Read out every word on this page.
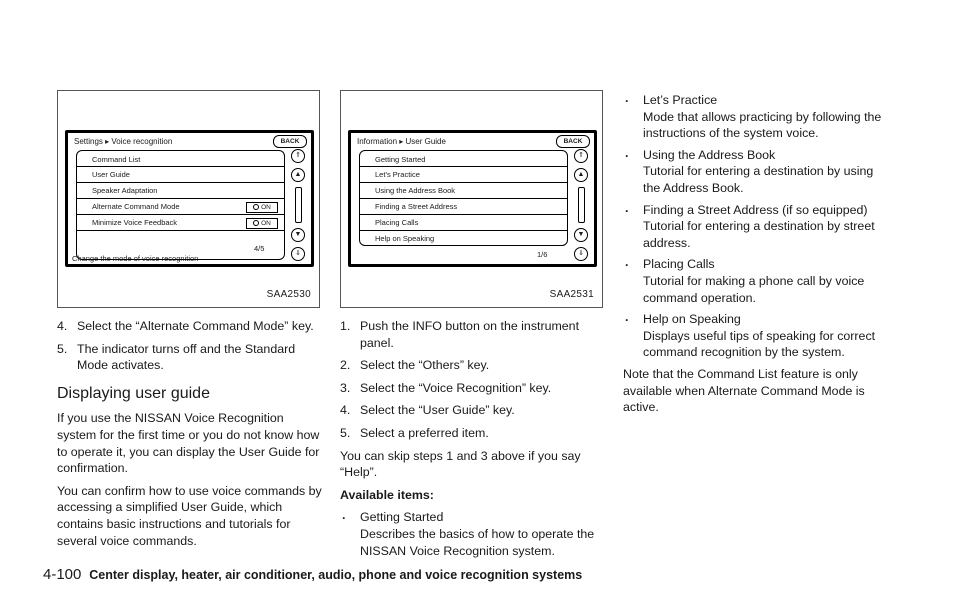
Settings ▸ Voice recognition	BACK
Command List
User Guide
Speaker Adaptation
Alternate Command Mode	ON
Minimize Voice Feedback	ON
4/5
⇑
▲
▼
⇓
Change the mode of voice recognition
SAA2530
Information ▸ User Guide	BACK
Getting Started
Let’s Practice
Using the Address Book
Finding a Street Address
Placing Calls
Help on Speaking
1/6
⇑
▲
▼
⇓
SAA2531
4. Select the “Alternate Command Mode” key.
5. The indicator turns off and the Standard Mode activates.
Displaying user guide

If you use the NISSAN Voice Recognition system for the first time or you do not know how to operate it, you can display the User Guide for confirmation.

You can confirm how to use voice commands by accessing a simplified User Guide, which contains basic instructions and tutorials for several voice commands.

1. Push the INFO button on the instrument panel.
2. Select the “Others” key.
3. Select the “Voice Recognition” key.
4. Select the “User Guide” key.
5. Select a preferred item.

You can skip steps 1 and 3 above if you say “Help”.

Available items:

. Getting Started
Describes the basics of how to operate the NISSAN Voice Recognition system.
. Let’s Practice
Mode that allows practicing by following the instructions of the system voice.
. Using the Address Book
Tutorial for entering a destination by using the Address Book.
. Finding a Street Address (if so equipped)
Tutorial for entering a destination by street address.
. Placing Calls
Tutorial for making a phone call by voice command operation.
. Help on Speaking
Displays useful tips of speaking for correct command recognition by the system.

Note that the Command List feature is only available when Alternate Command Mode is active.

4-100 Center display, heater, air conditioner, audio, phone and voice recognition systems
